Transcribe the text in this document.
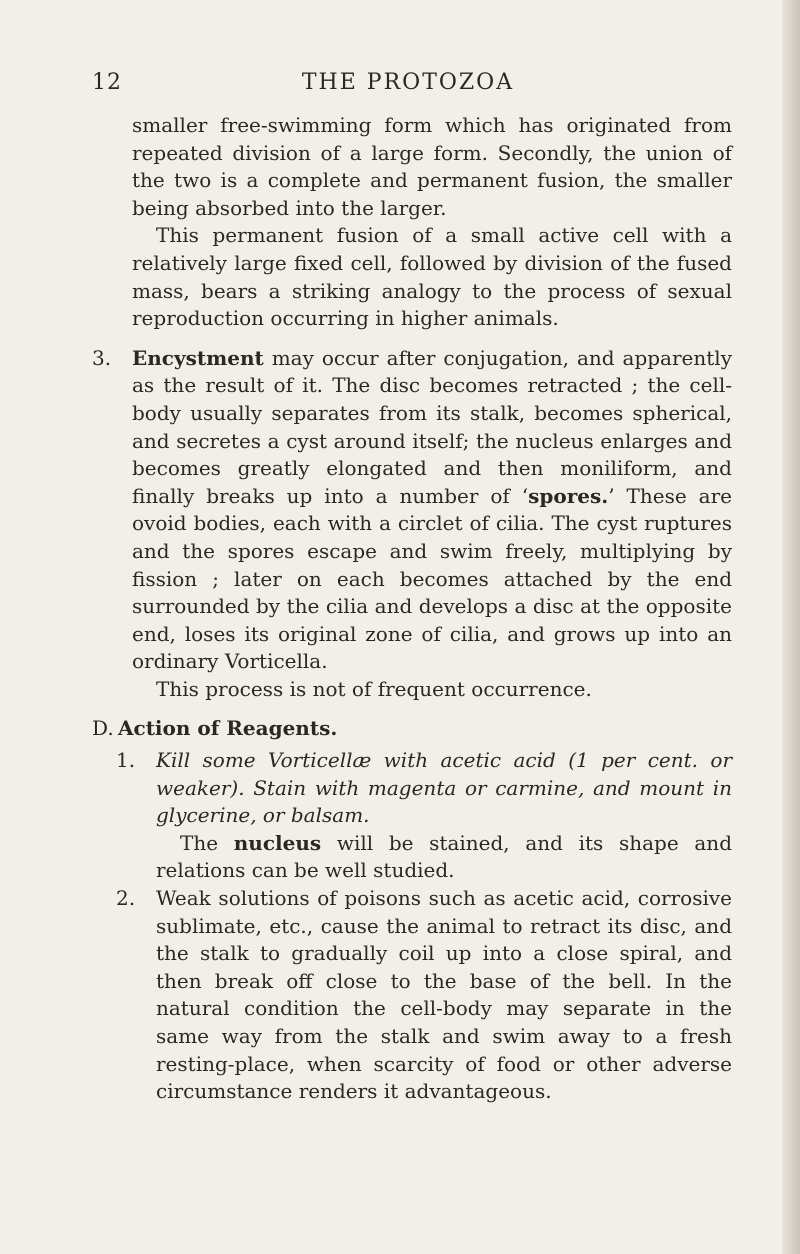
12	THE PROTOZOA

smaller free-swimming form which has originated from repeated division of a large form. Secondly, the union of the two is a complete and permanent fusion, the smaller being absorbed into the larger.

This permanent fusion of a small active cell with a relatively large fixed cell, followed by division of the fused mass, bears a striking analogy to the process of sexual reproduction occurring in higher animals.

3. Encystment may occur after conjugation, and apparently as the result of it. The disc becomes retracted ; the cell-body usually separates from its stalk, becomes spherical, and secretes a cyst around itself; the nucleus enlarges and becomes greatly elongated and then moniliform, and finally breaks up into a number of ‘spores.’ These are ovoid bodies, each with a circlet of cilia. The cyst ruptures and the spores escape and swim freely, multiplying by fission ; later on each becomes attached by the end surrounded by the cilia and develops a disc at the opposite end, loses its original zone of cilia, and grows up into an ordinary Vorticella.

This process is not of frequent occurrence.

D. Action of Reagents.

1. Kill some Vorticellæ with acetic acid (1 per cent. or weaker). Stain with magenta or carmine, and mount in glycerine, or balsam.

The nucleus will be stained, and its shape and relations can be well studied.

2. Weak solutions of poisons such as acetic acid, corrosive sublimate, etc., cause the animal to retract its disc, and the stalk to gradually coil up into a close spiral, and then break off close to the base of the bell. In the natural condition the cell-body may separate in the same way from the stalk and swim away to a fresh resting-place, when scarcity of food or other adverse circumstance renders it advantageous.
